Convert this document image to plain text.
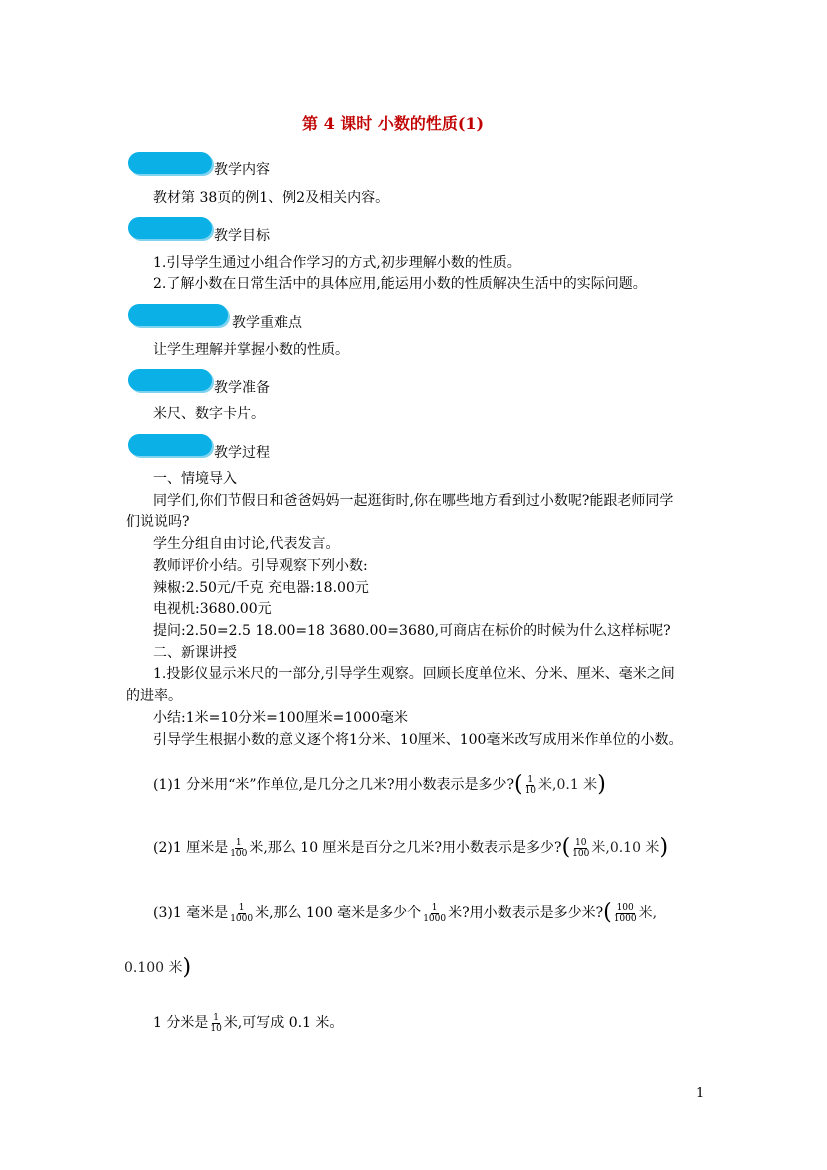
第 4 课时 小数的性质(1)
教学内容
教材第 38页的例1、例2及相关内容。
教学目标
1.引导学生通过小组合作学习的方式,初步理解小数的性质。
2.了解小数在日常生活中的具体应用,能运用小数的性质解决生活中的实际问题。
教学重难点
让学生理解并掌握小数的性质。
教学准备
米尺、数字卡片。
教学过程
一、情境导入
同学们,你们节假日和爸爸妈妈一起逛街时,你在哪些地方看到过小数呢?能跟老师同学
们说说吗?
学生分组自由讨论,代表发言。
教师评价小结。引导观察下列小数:
辣椒:2.50元/千克 充电器:18.00元
电视机:3680.00元
提问:2.50=2.5 18.00=18 3680.00=3680,可商店在标价的时候为什么这样标呢?
二、新课讲授
1.投影仪显示米尺的一部分,引导学生观察。回顾长度单位米、分米、厘米、毫米之间
的进率。
小结:1米=10分米=100厘米=1000毫米
引导学生根据小数的意义逐个将1分米、10厘米、100毫米改写成用米作单位的小数。
(1)1 分米用“米”作单位,是几分之几米?用小数表示是多少?( $\frac{1}{10}$ 米,0.1 米)
(2)1 厘米是 $\frac{1}{100}$ 米,那么 10 厘米是百分之几米?用小数表示是多少?( $\frac{10}{100}$ 米,0.10 米)
(3)1 毫米是 $\frac{1}{1000}$ 米,那么 100 毫米是多少个 $\frac{1}{1000}$ 米?用小数表示是多少米?( $\frac{100}{1000}$ 米,
0.100 米)
1 分米是 $\frac{1}{10}$ 米,可写成 0.1 米。
1
